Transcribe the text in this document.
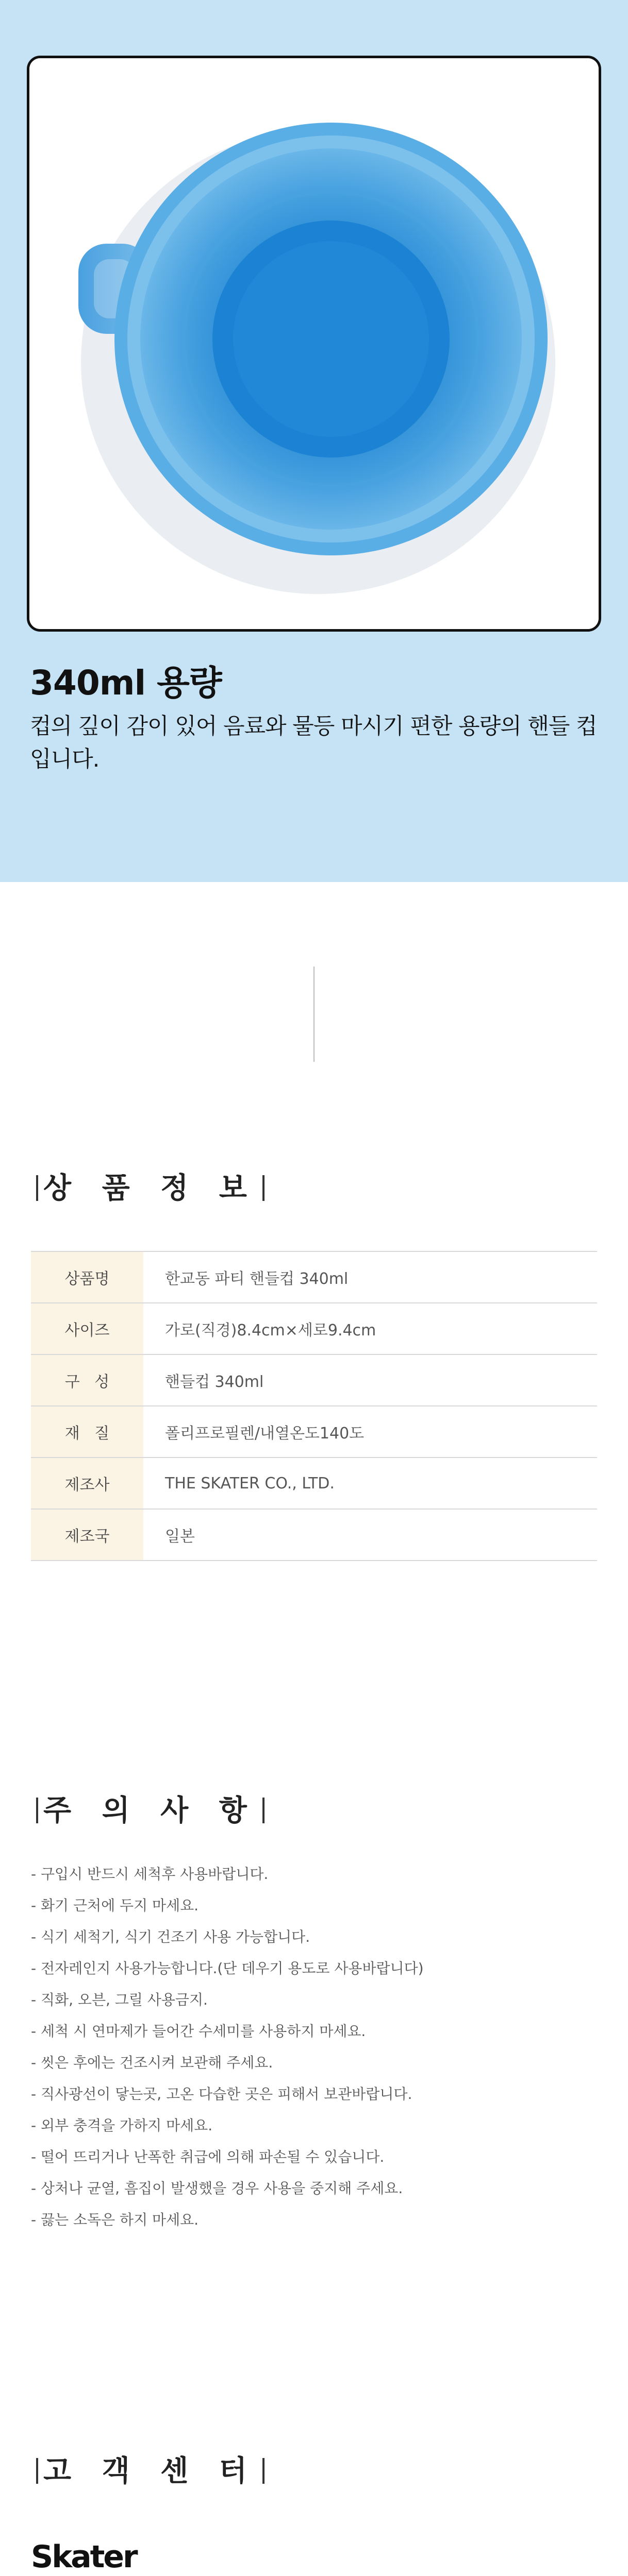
340ml 용량

컵의 깊이 감이 있어 음료와 물등 마시기 편한 용량의 핸들 컵입니다.

상 품 정 보
상품명	한교동 파티 핸들컵 340ml
사이즈	가로(직경)8.4cm×세로9.4cm
구   성	핸들컵 340ml
재   질	폴리프로필렌/내열온도140도
제조사	THE SKATER CO., LTD.
제조국	일본
주 의 사 항
- 구입시 반드시 세척후 사용바랍니다.
- 화기 근처에 두지 마세요.
- 식기 세척기, 식기 건조기 사용 가능합니다.
- 전자레인지 사용가능합니다.(단 데우기 용도로 사용바랍니다)
- 직화, 오븐, 그릴 사용금지.
- 세척 시 연마제가 들어간 수세미를 사용하지 마세요.
- 씻은 후에는 건조시켜 보관해 주세요.
- 직사광선이 닿는곳, 고온 다습한 곳은 피해서 보관바랍니다.
- 외부 충격을 가하지 마세요.
- 떨어 뜨리거나 난폭한 취급에 의해 파손될 수 있습니다.
- 상처나 균열, 흠집이 발생했을 경우 사용을 중지해 주세요.
- 끓는 소독은 하지 마세요.
고 객 센 터
Skater
